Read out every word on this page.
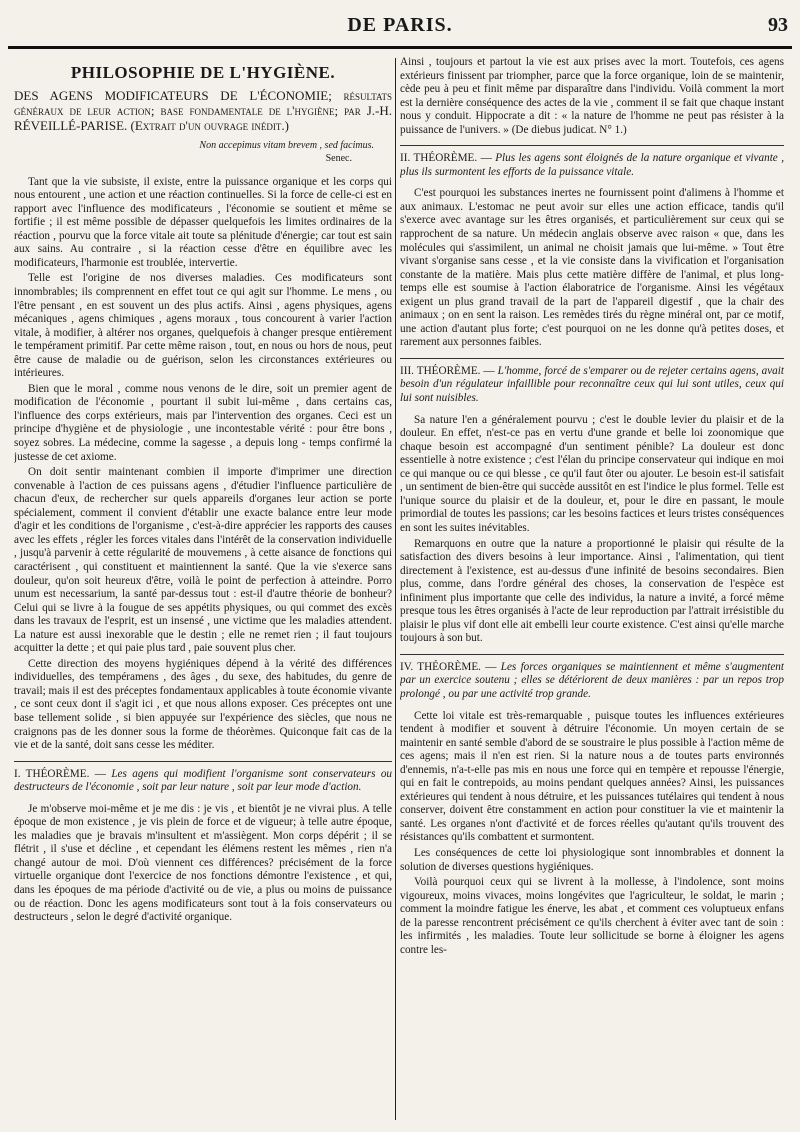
DE PARIS.	93
PHILOSOPHIE DE L'HYGIÈNE.
DES AGENS MODIFICATEURS DE L'ÉCONOMIE; résultats généraux de leur action; base fondamentale de l'hygiène; par J.-H. RÉVEILLÉ-PARISE. (Extrait d'un ouvrage inédit.)
Non accepimus vitam brevem , sed facimus.
Senec.

Tant que la vie subsiste, il existe, entre la puissance organique et les corps qui nous entourent , une action et une réaction continuelles. Si la force de celle-ci est en rapport avec l'influence des modificateurs , l'économie se soutient et même se fortifie ; il est même possible de dépasser quelquefois les limites ordinaires de la réaction , pourvu que la force vitale ait toute sa plénitude d'énergie; car tout est sain aux sains. Au contraire , si la réaction cesse d'être en équilibre avec les modificateurs, l'harmonie est troublée, intervertie.

Telle est l'origine de nos diverses maladies. Ces modificateurs sont innombrables; ils comprennent en effet tout ce qui agit sur l'homme. Le mens , ou l'être pensant , en est souvent un des plus actifs. Ainsi , agens physiques, agens mécaniques , agens chimiques , agens moraux , tous concourent à varier l'action vitale, à modifier, à altérer nos organes, quelquefois à changer presque entièrement le tempérament primitif. Par cette même raison , tout, en nous ou hors de nous, peut être cause de maladie ou de guérison, selon les circonstances extérieures ou intérieures.

Bien que le moral , comme nous venons de le dire, soit un premier agent de modification de l'économie , pourtant il subit lui-même , dans certains cas, l'influence des corps extérieurs, mais par l'intervention des organes. Ceci est un principe d'hygiène et de physiologie , une incontestable vérité : pour être bons , soyez sobres. La médecine, comme la sagesse , a depuis long - temps confirmé la justesse de cet axiome.

On doit sentir maintenant combien il importe d'imprimer une direction convenable à l'action de ces puissans agens , d'étudier l'influence particulière de chacun d'eux, de rechercher sur quels appareils d'organes leur action se porte spécialement, comment il convient d'établir une exacte balance entre leur mode d'agir et les conditions de l'organisme , c'est-à-dire apprécier les rapports des causes avec les effets , régler les forces vitales dans l'intérêt de la conservation individuelle , jusqu'à parvenir à cette régularité de mouvemens , à cette aisance de fonctions qui caractérisent , qui constituent et maintiennent la santé. Que la vie s'exerce sans douleur, qu'on soit heureux d'être, voilà le point de perfection à atteindre. Porro unum est necessarium, la santé par-dessus tout : est-il d'autre théorie de bonheur? Celui qui se livre à la fougue de ses appétits physiques, ou qui commet des excès dans les travaux de l'esprit, est un insensé , une victime que les maladies attendent. La nature est aussi inexorable que le destin ; elle ne remet rien ; il faut toujours acquitter la dette ; et qui paie plus tard , paie souvent plus cher.

Cette direction des moyens hygiéniques dépend à la vérité des différences individuelles, des tempéramens , des âges , du sexe, des habitudes, du genre de travail; mais il est des préceptes fondamentaux applicables à toute économie vivante , ce sont ceux dont il s'agit ici , et que nous allons exposer. Ces préceptes ont une base tellement solide , si bien appuyée sur l'expérience des siècles, que nous ne craignons pas de les donner sous la forme de théorèmes. Quiconque fait cas de la vie et de la santé, doit sans cesse les méditer.

I. THÉORÈME. — Les agens qui modifient l'organisme sont conservateurs ou destructeurs de l'économie , soit par leur nature , soit par leur mode d'action.

Je m'observe moi-même et je me dis : je vis , et bientôt je ne vivrai plus. A telle époque de mon existence , je vis plein de force et de vigueur; à telle autre époque, les maladies que je bravais m'insultent et m'assiègent. Mon corps dépérit ; il se flétrit , il s'use et décline , et cependant les élémens restent les mêmes , rien n'a changé autour de moi. D'où viennent ces différences? précisément de la force virtuelle organique dont l'exercice de nos fonctions démontre l'existence , et qui, dans les époques de ma période d'activité ou de vie, a plus ou moins de puissance ou de réaction. Donc les agens modificateurs sont tout à la fois conservateurs ou destructeurs , selon le degré d'activité organique.

Ainsi , toujours et partout la vie est aux prises avec la mort. Toutefois, ces agens extérieurs finissent par triompher, parce que la force organique, loin de se maintenir, cède peu à peu et finit même par disparaître dans l'individu. Voilà comment la mort est la dernière conséquence des actes de la vie , comment il se fait que chaque instant nous y conduit. Hippocrate a dit : « la nature de l'homme ne peut pas résister à la puissance de l'univers. » (De diebus judicat. N° 1.)

II. THÉORÈME. — Plus les agens sont éloignés de la nature organique et vivante , plus ils surmontent les efforts de la puissance vitale.

C'est pourquoi les substances inertes ne fournissent point d'alimens à l'homme et aux animaux. L'estomac ne peut avoir sur elles une action efficace, tandis qu'il s'exerce avec avantage sur les êtres organisés, et particulièrement sur ceux qui se rapprochent de sa nature. Un médecin anglais observe avec raison « que, dans les molécules qui s'assimilent, un animal ne choisit jamais que lui-même. » Tout être vivant s'organise sans cesse , et la vie consiste dans la vivification et l'organisation constante de la matière. Mais plus cette matière diffère de l'animal, et plus long-temps elle est soumise à l'action élaboratrice de l'organisme. Ainsi les végétaux exigent un plus grand travail de la part de l'appareil digestif , que la chair des animaux ; on en sent la raison. Les remèdes tirés du règne minéral ont, par ce motif, une action d'autant plus forte; c'est pourquoi on ne les donne qu'à petites doses, et rarement aux personnes faibles.

III. THÉORÈME. — L'homme, forcé de s'emparer ou de rejeter certains agens, avait besoin d'un régulateur infaillible pour reconnaître ceux qui lui sont utiles, ceux qui lui sont nuisibles.

Sa nature l'en a généralement pourvu ; c'est le double levier du plaisir et de la douleur. En effet, n'est-ce pas en vertu d'une grande et belle loi zoonomique que chaque besoin est accompagné d'un sentiment pénible? La douleur est donc essentielle à notre existence ; c'est l'élan du principe conservateur qui indique en moi ce qui manque ou ce qui blesse , ce qu'il faut ôter ou ajouter. Le besoin est-il satisfait , un sentiment de bien-être qui succède aussitôt en est l'indice le plus formel. Telle est l'unique source du plaisir et de la douleur, et, pour le dire en passant, le moule primordial de toutes les passions; car les besoins factices et leurs tristes conséquences en sont les suites inévitables.

Remarquons en outre que la nature a proportionné le plaisir qui résulte de la satisfaction des divers besoins à leur importance. Ainsi , l'alimentation, qui tient directement à l'existence, est au-dessus d'une infinité de besoins secondaires. Bien plus, comme, dans l'ordre général des choses, la conservation de l'espèce est infiniment plus importante que celle des individus, la nature a invité, a forcé même presque tous les êtres organisés à l'acte de leur reproduction par l'attrait irrésistible du plaisir le plus vif dont elle ait embelli leur courte existence. C'est ainsi qu'elle marche toujours à son but.

IV. THÉORÈME. — Les forces organiques se maintiennent et même s'augmentent par un exercice soutenu ; elles se détériorent de deux manières : par un repos trop prolongé , ou par une activité trop grande.

Cette loi vitale est très-remarquable , puisque toutes les influences extérieures tendent à modifier et souvent à détruire l'économie. Un moyen certain de se maintenir en santé semble d'abord de se soustraire le plus possible à l'action même de ces agens; mais il n'en est rien. Si la nature nous a de toutes parts environnés d'ennemis, n'a-t-elle pas mis en nous une force qui en tempère et repousse l'énergie, qui en fait le contrepoids, au moins pendant quelques années? Ainsi, les puissances extérieures qui tendent à nous détruire, et les puissances tutélaires qui tendent à nous conserver, doivent être constamment en action pour constituer la vie et maintenir la santé. Les organes n'ont d'activité et de forces réelles qu'autant qu'ils trouvent des résistances qu'ils combattent et surmontent.

Les conséquences de cette loi physiologique sont innombrables et donnent la solution de diverses questions hygiéniques.

Voilà pourquoi ceux qui se livrent à la mollesse, à l'indolence, sont moins vigoureux, moins vivaces, moins longévites que l'agriculteur, le soldat, le marin ; comment la moindre fatigue les énerve, les abat , et comment ces voluptueux enfans de la paresse rencontrent précisément ce qu'ils cherchent à éviter avec tant de soin : les infirmités , les maladies. Toute leur sollicitude se borne à éloigner les agens contre les-
